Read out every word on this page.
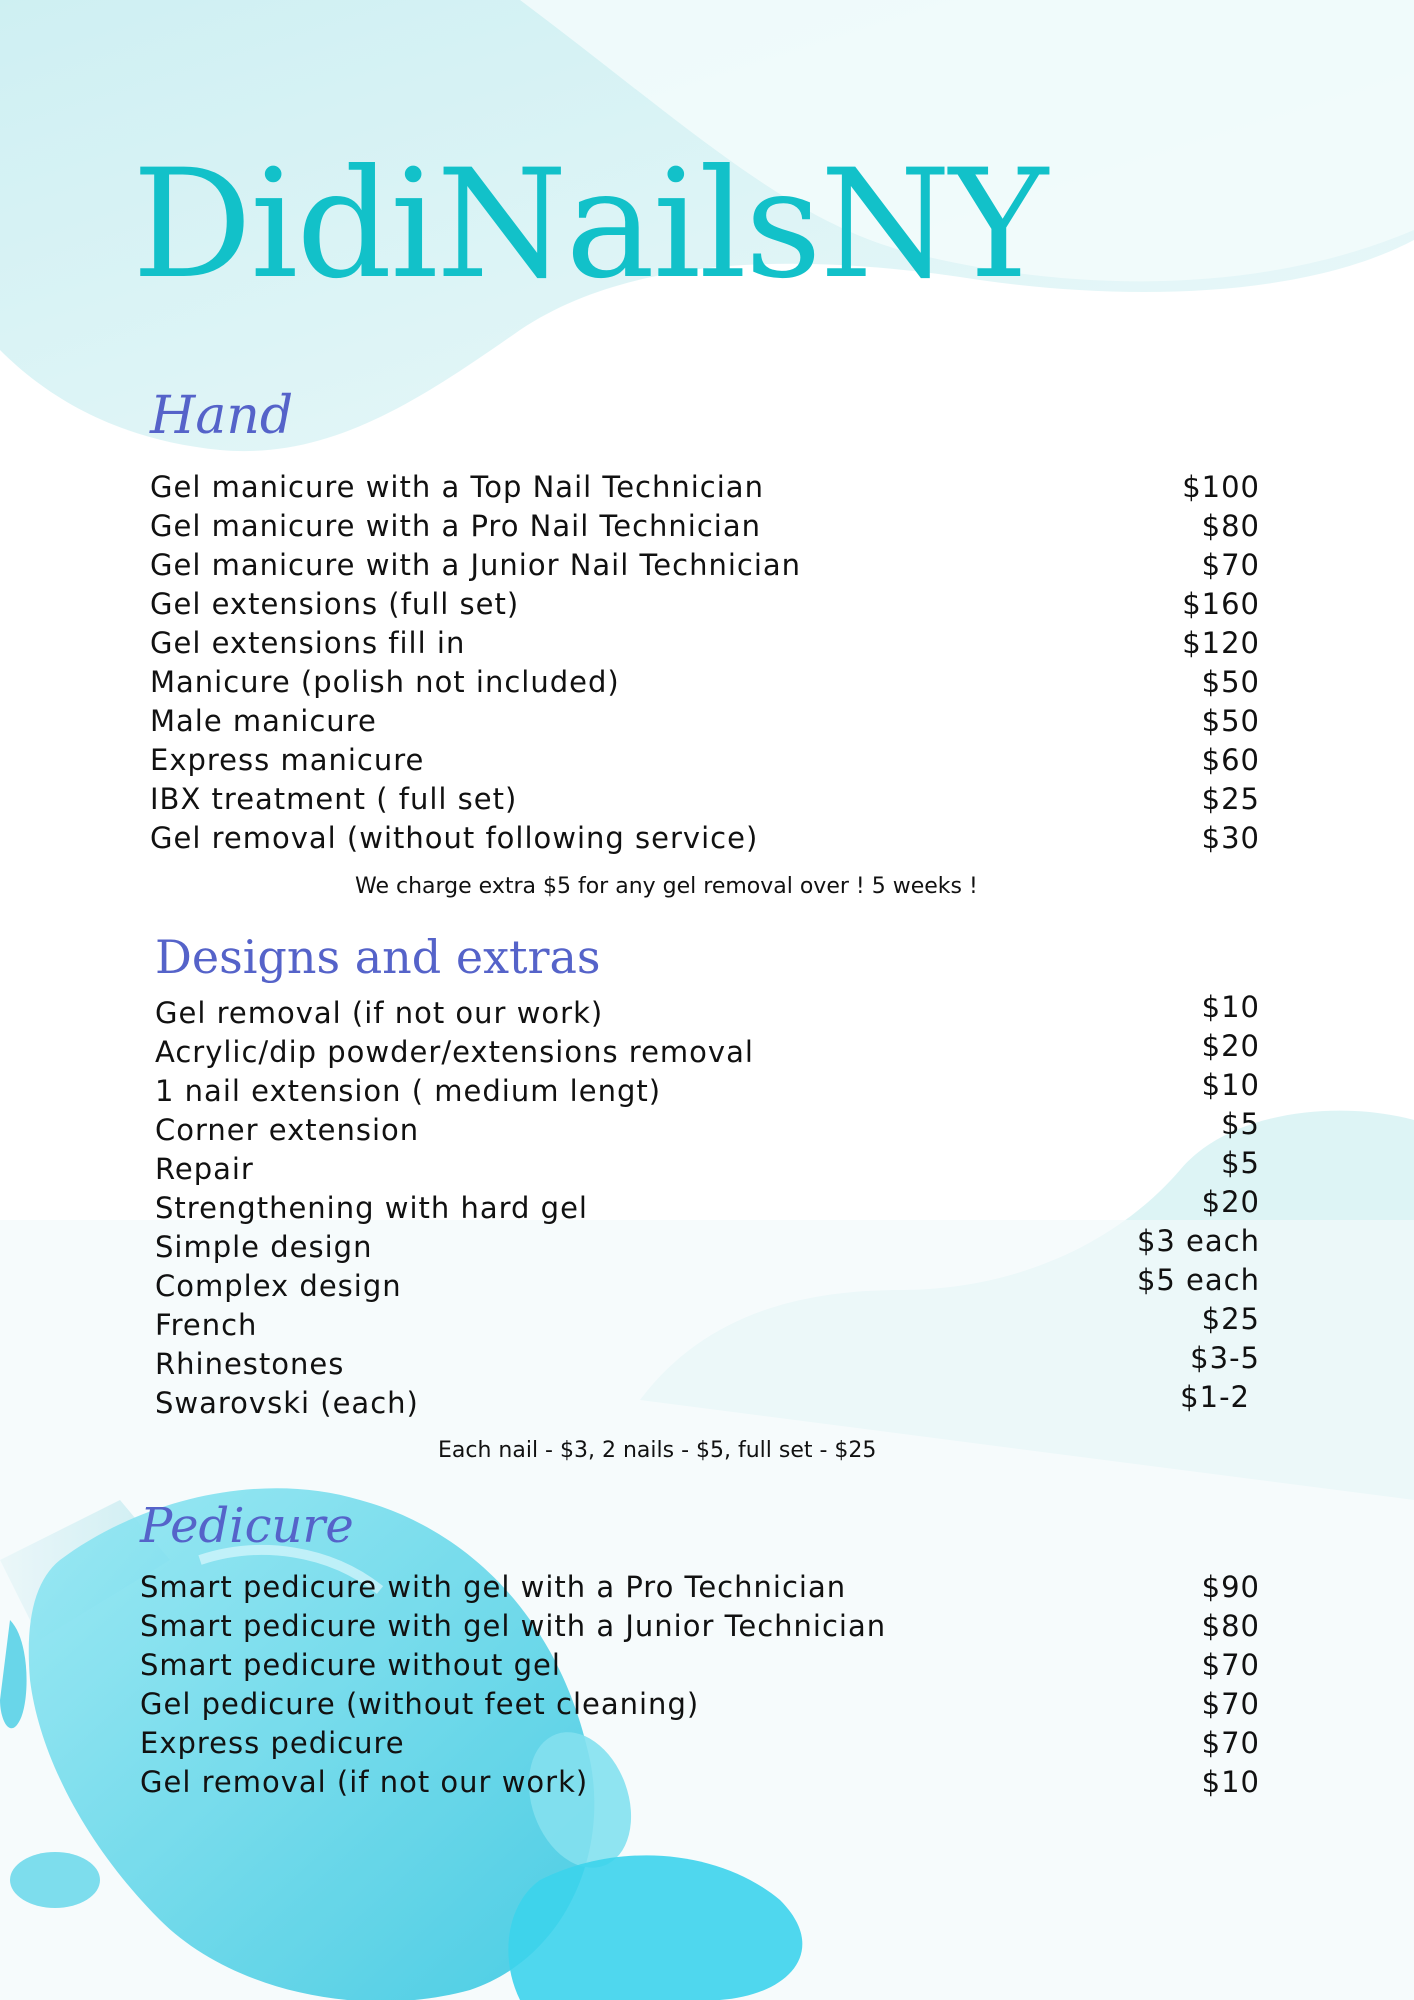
DidiNailsNY
Hand
Gel manicure with a Top Nail Technician	$100
Gel manicure with a Pro Nail Technician	$80
Gel manicure with a Junior Nail Technician	$70
Gel extensions (full set)	$160
Gel extensions fill in	$120
Manicure (polish not included)	$50
Male manicure	$50
Express manicure	$60
IBX treatment ( full set)	$25
Gel removal (without following service)	$30

We charge extra $5 for any gel removal over ! 5 weeks !

Designs and extras
Gel removal (if not our work)	$10
Acrylic/dip powder/extensions removal	$20
1 nail extension ( medium lengt)	$10
Corner extension	$5
Repair	$5
Strengthening with hard gel	$20
Simple design	$3 each
Complex design	$5 each
French	$25
Rhinestones	$3-5
Swarovski (each)	$1-2

Each nail - $3, 2 nails - $5, full set - $25

Pedicure
Smart pedicure with gel with a Pro Technician	$90
Smart pedicure with gel with a Junior Technician	$80
Smart pedicure without gel	$70
Gel pedicure (without feet cleaning)	$70
Express pedicure	$70
Gel removal (if not our work)	$10
